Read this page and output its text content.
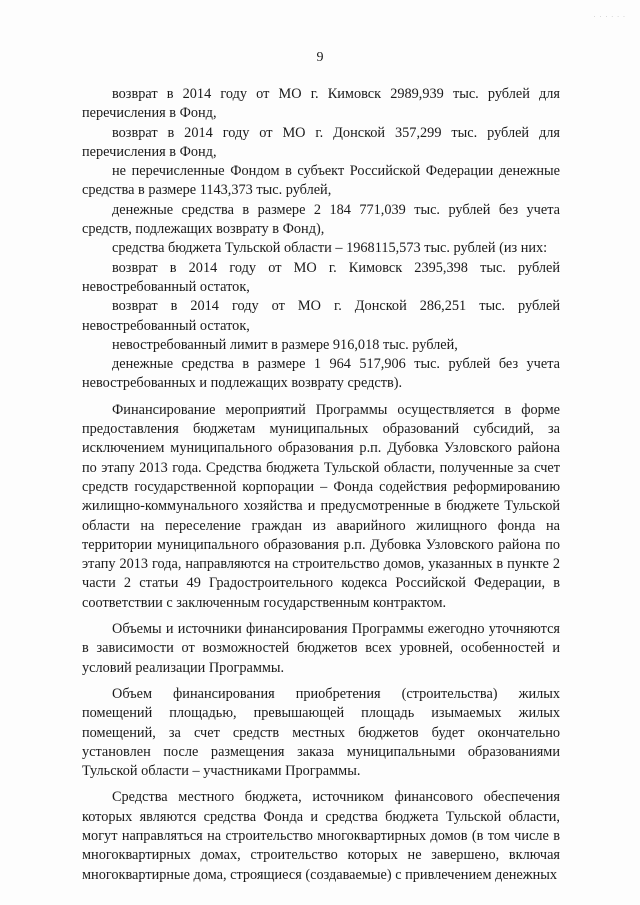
. . . . . .
9

возврат в 2014 году от МО г. Кимовск 2989,939 тыс. рублей для перечисления в Фонд,

возврат в 2014 году от МО г. Донской 357,299 тыс. рублей для перечисления в Фонд,

не перечисленные Фондом в субъект Российской Федерации денежные средства в размере 1143,373 тыс. рублей,

денежные средства в размере 2 184 771,039 тыс. рублей без учета средств, подлежащих возврату в Фонд),

средства бюджета Тульской области – 1968115,573 тыс. рублей (из них:

возврат в 2014 году от МО г. Кимовск 2395,398 тыс. рублей невостребованный остаток,

возврат в 2014 году от МО г. Донской 286,251 тыс. рублей невостребованный остаток,

невостребованный лимит в размере 916,018 тыс. рублей,

денежные средства в размере 1 964 517,906 тыс. рублей без учета невостребованных и подлежащих возврату средств).

Финансирование мероприятий Программы осуществляется в форме предоставления бюджетам муниципальных образований субсидий, за исключением муниципального образования р.п. Дубовка Узловского района по этапу 2013 года. Средства бюджета Тульской области, полученные за счет средств государственной корпорации – Фонда содействия реформированию жилищно-коммунального хозяйства и предусмотренные в бюджете Тульской области на переселение граждан из аварийного жилищного фонда на территории муниципального образования р.п. Дубовка Узловского района по этапу 2013 года, направляются на строительство домов, указанных в пункте 2 части 2 статьи 49 Градостроительного кодекса Российской Федерации, в соответствии с заключенным государственным контрактом.

Объемы и источники финансирования Программы ежегодно уточняются в зависимости от возможностей бюджетов всех уровней, особенностей и условий реализации Программы.

Объем финансирования приобретения (строительства) жилых помещений площадью, превышающей площадь изымаемых жилых помещений, за счет средств местных бюджетов будет окончательно установлен после размещения заказа муниципальными образованиями Тульской области – участниками Программы.

Средства местного бюджета, источником финансового обеспечения которых являются средства Фонда и средства бюджета Тульской области, могут направляться на строительство многоквартирных домов (в том числе в многоквартирных домах, строительство которых не завершено, включая многоквартирные дома, строящиеся (создаваемые) с привлечением денежных
